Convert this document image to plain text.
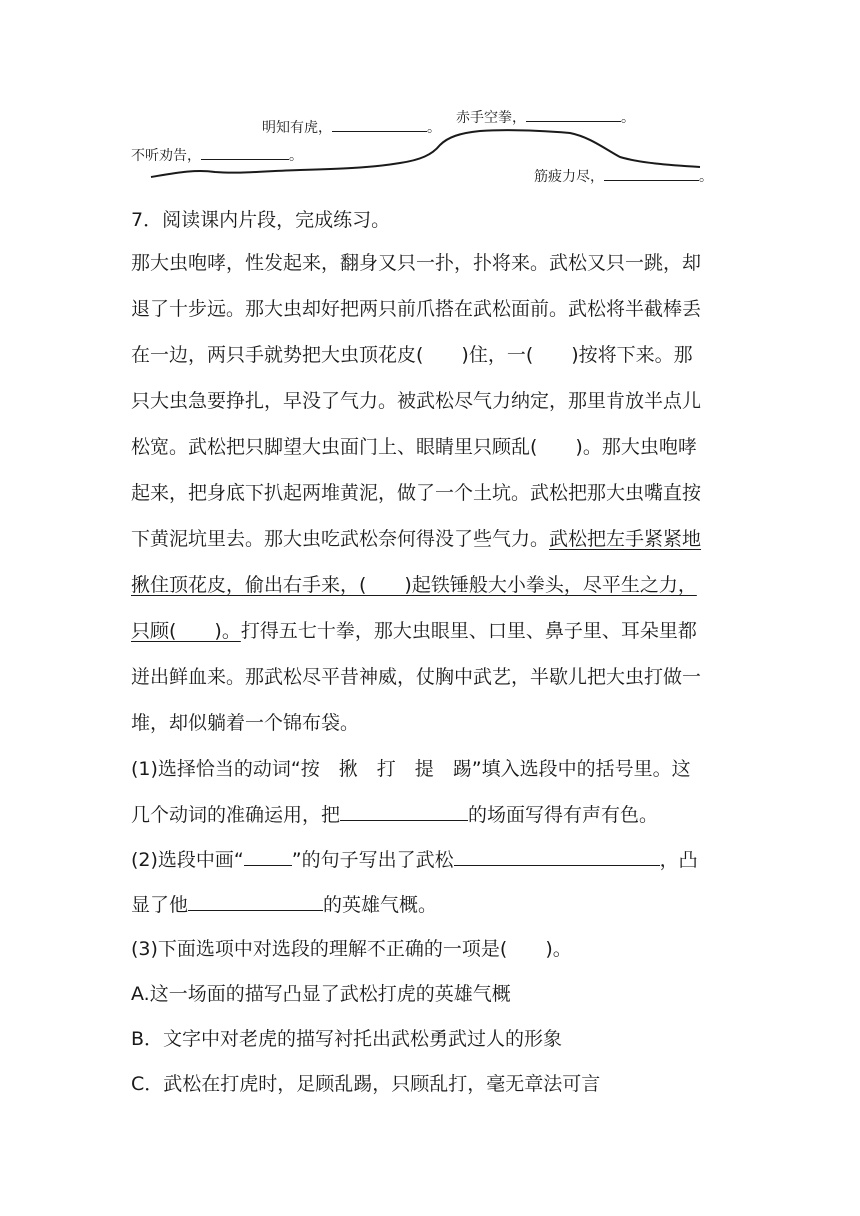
明知有虎，	。
赤手空拳，	。
不听劝告，	。
筋疲力尽，	。
7．阅读课内片段，完成练习。
那大虫咆哮，性发起来，翻身又只一扑，扑将来。武松又只一跳，却
退了十步远。那大虫却好把两只前爪搭在武松面前。武松将半截棒丢
在一边，两只手就势把大虫顶花皮(　　)住，一(　　)按将下来。那
只大虫急要挣扎，早没了气力。被武松尽气力纳定，那里肯放半点儿
松宽。武松把只脚望大虫面门上、眼睛里只顾乱(　　)。那大虫咆哮
起来，把身底下扒起两堆黄泥，做了一个土坑。武松把那大虫嘴直按
下黄泥坑里去。那大虫吃武松奈何得没了些气力。武松把左手紧紧地
揪住顶花皮，偷出右手来，(　　)起铁锤般大小拳头，尽平生之力，
只顾(　　)。打得五七十拳，那大虫眼里、口里、鼻子里、耳朵里都
迸出鲜血来。那武松尽平昔神威，仗胸中武艺，半歇儿把大虫打做一
堆，却似躺着一个锦布袋。
(1)选择恰当的动词“按　揪　打　提　踢”填入选段中的括号里。这
几个动词的准确运用，把	的场面写得有声有色。
(2)选段中画“	”的句子写出了武松	，凸
显了他	的英雄气概。
(3)下面选项中对选段的理解不正确的一项是(　　)。
A.这一场面的描写凸显了武松打虎的英雄气概
B．文字中对老虎的描写衬托出武松勇武过人的形象
C．武松在打虎时，足顾乱踢，只顾乱打，毫无章法可言
